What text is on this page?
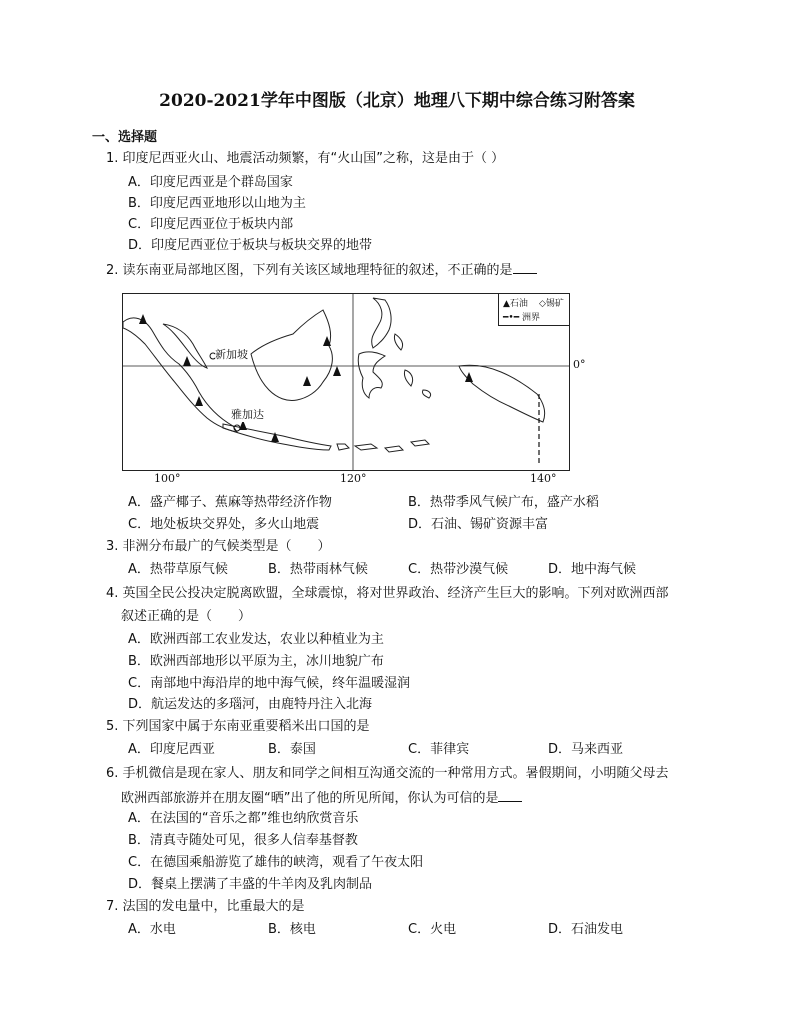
2020-2021学年中图版（北京）地理八下期中综合练习附答案
一、选择题
1. 印度尼西亚火山、地震活动频繁，有“火山国”之称，这是由于（ ）
A．印度尼西亚是个群岛国家
B．印度尼西亚地形以山地为主
C．印度尼西亚位于板块内部
D．印度尼西亚位于板块与板块交界的地带
2. 读东南亚局部地区图，下列有关该区域地理特征的叙述，不正确的是
▲石油 ◇锡矿
━•━ 洲界
新加坡
雅加达
0°
100°	120°	140°
A．盛产椰子、蕉麻等热带经济作物	B．热带季风气候广布，盛产水稻
C．地处板块交界处，多火山地震	D．石油、锡矿资源丰富
3. 非洲分布最广的气候类型是（　　）
A．热带草原气候	B．热带雨林气候	C．热带沙漠气候	D．地中海气候
4. 英国全民公投决定脱离欧盟，全球震惊，将对世界政治、经济产生巨大的影响。下列对欧洲西部
叙述正确的是（　　）
A．欧洲西部工农业发达，农业以种植业为主
B．欧洲西部地形以平原为主，冰川地貌广布
C．南部地中海沿岸的地中海气候，终年温暖湿润
D．航运发达的多瑙河，由鹿特丹注入北海
5. 下列国家中属于东南亚重要稻米出口国的是
A．印度尼西亚	B．泰国	C．菲律宾	D．马来西亚
6. 手机微信是现在家人、朋友和同学之间相互沟通交流的一种常用方式。暑假期间，小明随父母去
欧洲西部旅游并在朋友圈“晒”出了他的所见所闻，你认为可信的是
A．在法国的“音乐之都”维也纳欣赏音乐
B．清真寺随处可见，很多人信奉基督教
C．在德国乘船游览了雄伟的峡湾，观看了午夜太阳
D．餐桌上摆满了丰盛的牛羊肉及乳肉制品
7. 法国的发电量中，比重最大的是
A．水电	B．核电	C．火电	D．石油发电
